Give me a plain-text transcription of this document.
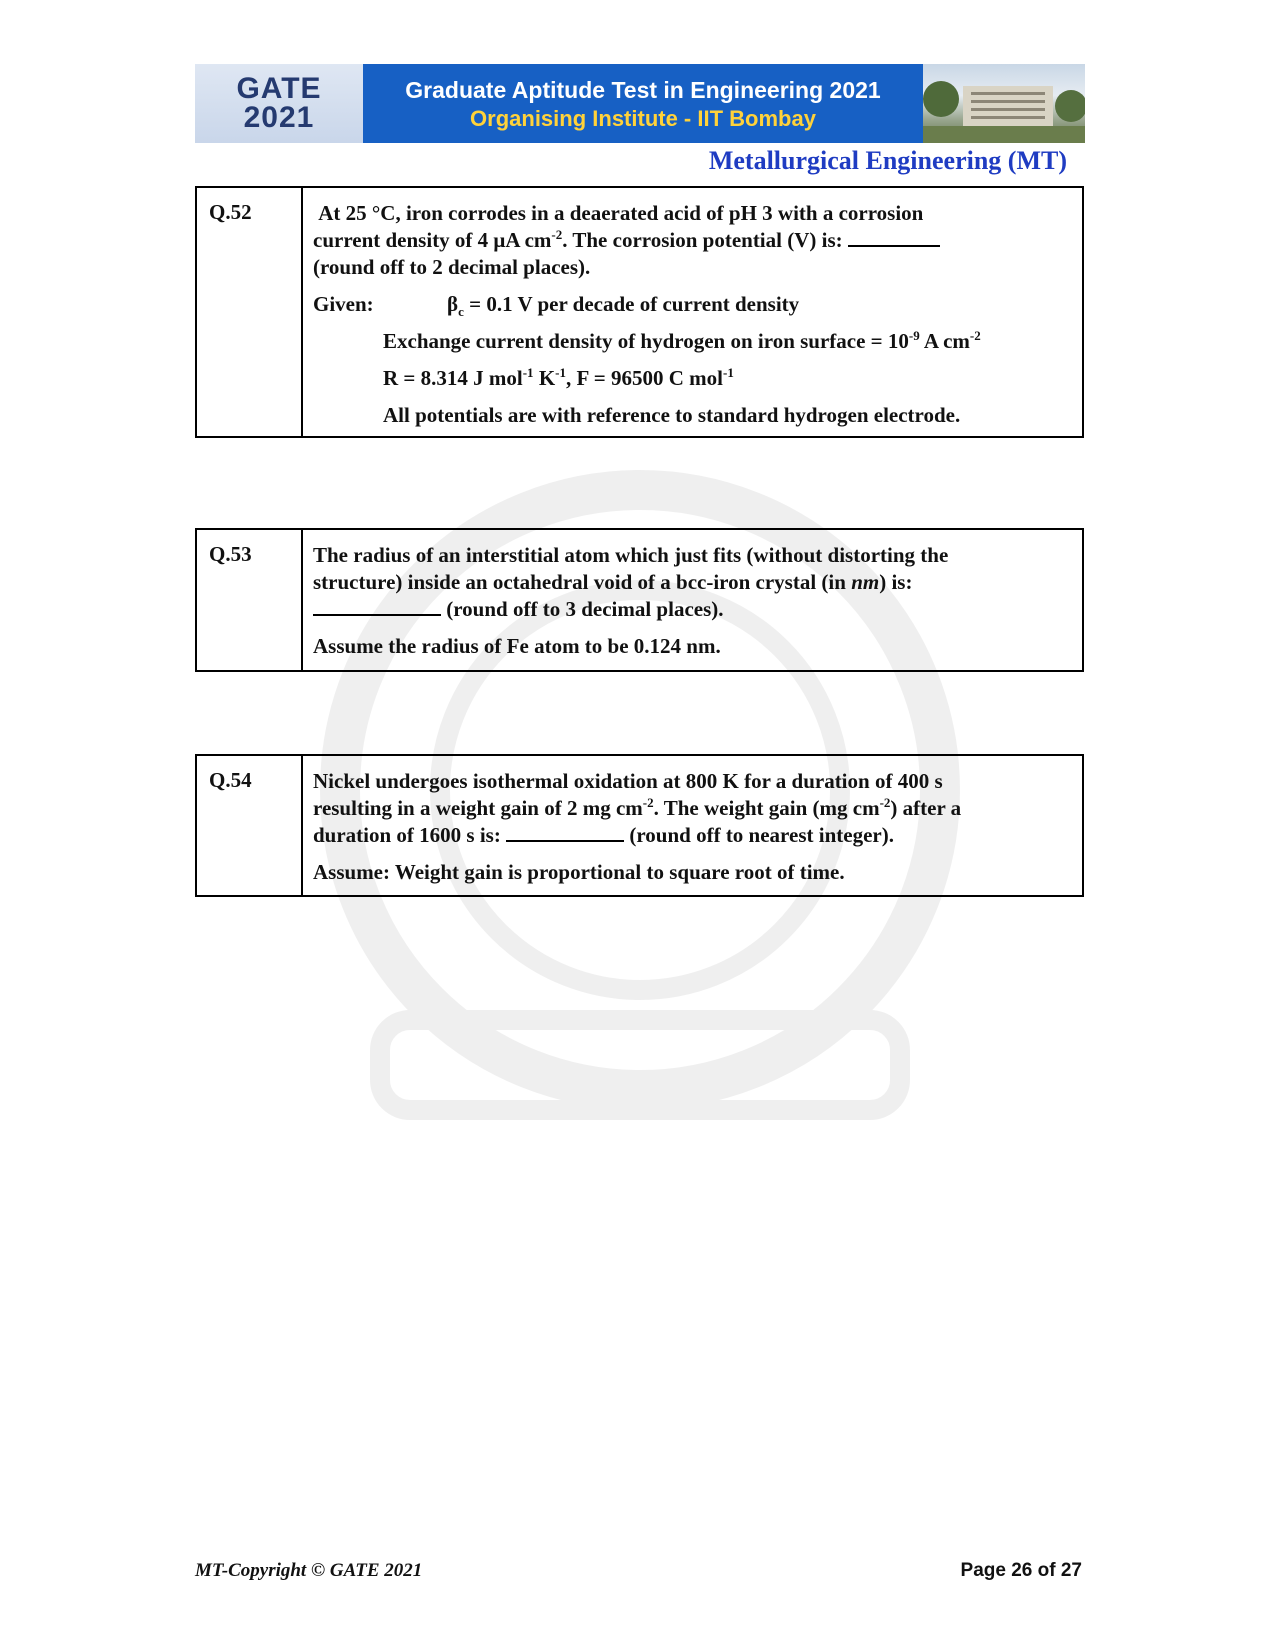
GATE
2021
Graduate Aptitude Test in Engineering 2021
Organising Institute - IIT Bombay
Metallurgical Engineering (MT)
Q.52	At 25 °C, iron corrodes in a deaerated acid of pH 3 with a corrosion

current density of 4 μA $cm^{-2}$. The corrosion potential (V) is:

(round off to 2 decimal places).

Given:	$\beta_c = 0.1$ V per decade of current density

Exchange current density of hydrogen on iron surface = $10^{-9}$ A $cm^{-2}$

R = 8.314 J mol$^{-1}$ $K^{-1}$, F = 96500 C mol$^{-1}$

All potentials are with reference to standard hydrogen electrode.

Q.53	The radius of an interstitial atom which just fits (without distorting the

structure) inside an octahedral void of a bcc-iron crystal (in nm) is:

(round off to 3 decimal places).

Assume the radius of Fe atom to be 0.124 nm.

Q.54	Nickel undergoes isothermal oxidation at 800 K for a duration of 400 s

resulting in a weight gain of 2 mg $cm^{-2}$. The weight gain (mg $cm^{-2}$) after a

duration of 1600 s is:	(round off to nearest integer).

Assume: Weight gain is proportional to square root of time.

MT-Copyright © GATE 2021	Page 26 of 27
